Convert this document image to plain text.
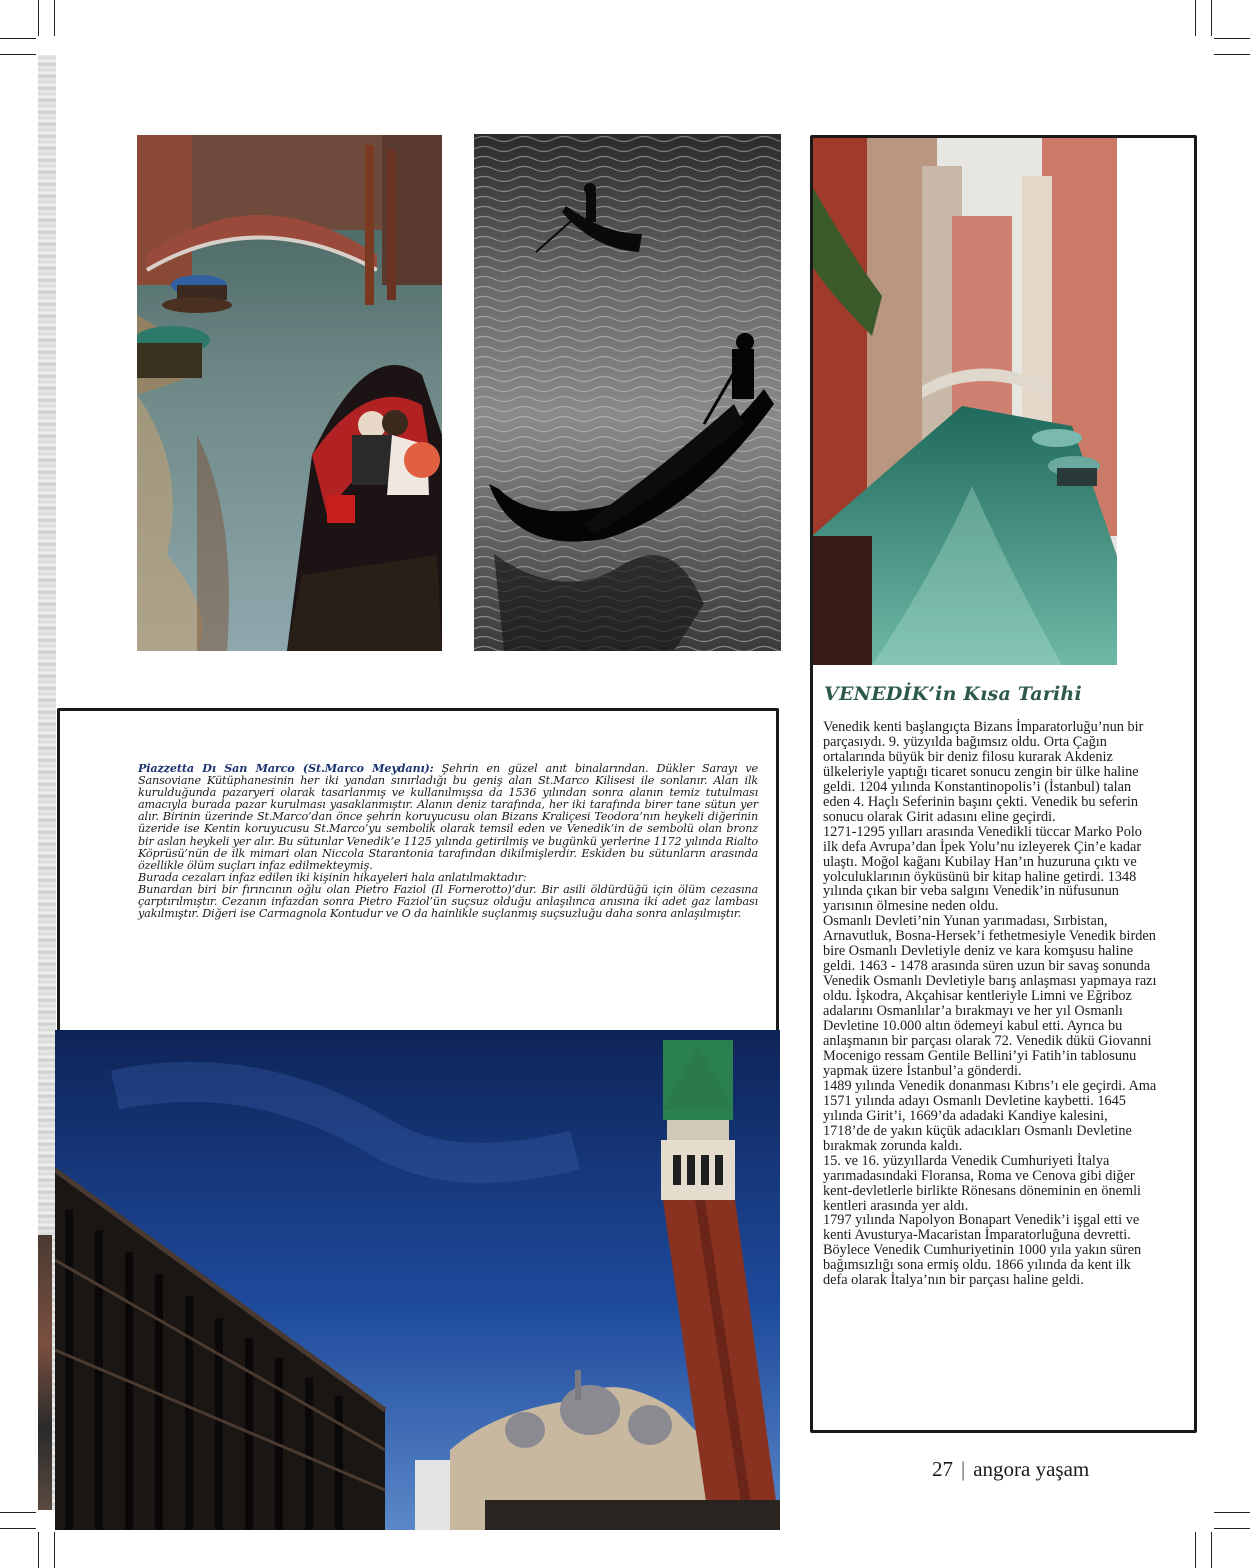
Piazzetta Dı San Marco (St.Marco Meydanı): Şehrin en güzel anıt binalarından. Dükler Sarayı ve Sansoviane Kütüphanesinin her iki yandan sınırladığı bu geniş alan St.Marco Kilisesi ile sonlanır. Alan ilk kurulduğunda pazaryeri olarak tasarlanmış ve kullanılmışsa da 1536 yılından sonra alanın temiz tutulması amacıyla burada pazar kurulması yasaklanmıştır. Alanın deniz tarafında, her iki tarafında birer tane sütun yer alır. Birinin üzerinde St.Marco’dan önce şehrin koruyucusu olan Bizans Kraliçesi Teodora’nın heykeli diğerinin üzeride ise Kentin koruyucusu St.Marco’yu sembolik olarak temsil eden ve Venedik’in de sembolü olan bronz bir aslan heykeli yer alır. Bu sütunlar Venedik’e 1125 yılında getirilmiş ve bugünkü yerlerine 1172 yılında Rialto Köprüsü’nün de ilk mimari olan Niccola Starantonia tarafından dikilmişlerdir. Eskiden bu sütunların arasında özellikle ölüm suçları infaz edilmekteymiş.

Burada cezaları infaz edilen iki kişinin hikayeleri hala anlatılmaktadır:

Bunardan biri bir fırıncının oğlu olan Pietro Faziol (Il Fornerotto)’dur. Bir asili öldürdüğü için ölüm cezasına çarptırılmıştır. Cezanın infazdan sonra Pietro Faziol’ün suçsuz olduğu anlaşılınca anısına iki adet gaz lambası yakılmıştır. Diğeri ise Carmagnola Kontudur ve O da hainlikle suçlanmış suçsuzluğu daha sonra anlaşılmıştır.

VENEDİK’in Kısa Tarihi

Venedik kenti başlangıçta Bizans İmparatorluğu’nun bir parçasıydı. 9. yüzyılda bağımsız oldu. Orta Çağın ortalarında büyük bir deniz filosu kurarak Akdeniz ülkeleriyle yaptığı ticaret sonucu zengin bir ülke haline geldi. 1204 yılında Konstantinopolis’i (İstanbul) talan eden 4. Haçlı Seferinin başını çekti. Venedik bu seferin sonucu olarak Girit adasını eline geçirdi.

1271-1295 yılları arasında Venedikli tüccar Marko Polo ilk defa Avrupa’dan İpek Yolu’nu izleyerek Çin’e kadar ulaştı. Moğol kağanı Kubilay Han’ın huzuruna çıktı ve yolculuklarının öyküsünü bir kitap haline getirdi. 1348 yılında çıkan bir veba salgını Venedik’in nüfusunun yarısının ölmesine neden oldu.

Osmanlı Devleti’nin Yunan yarımadası, Sırbistan, Arnavutluk, Bosna-Hersek’i fethetmesiyle Venedik birden bire Osmanlı Devletiyle deniz ve kara komşusu haline geldi. 1463 - 1478 arasında süren uzun bir savaş sonunda Venedik Osmanlı Devletiyle barış anlaşması yapmaya razı oldu. İşkodra, Akçahisar kentleriyle Limni ve Eğriboz adalarını Osmanlılar’a bırakmayı ve her yıl Osmanlı Devletine 10.000 altın ödemeyi kabul etti. Ayrıca bu anlaşmanın bir parçası olarak 72. Venedik dükü Giovanni Mocenigo ressam Gentile Bellini’yi Fatih’in tablosunu yapmak üzere İstanbul’a gönderdi.

1489 yılında Venedik donanması Kıbrıs’ı ele geçirdi. Ama 1571 yılında adayı Osmanlı Devletine kaybetti. 1645 yılında Girit’i, 1669’da adadaki Kandiye kalesini, 1718’de de yakın küçük adacıkları Osmanlı Devletine bırakmak zorunda kaldı.

15. ve 16. yüzyıllarda Venedik Cumhuriyeti İtalya yarımadasındaki Floransa, Roma ve Cenova gibi diğer kent-devletlerle birlikte Rönesans döneminin en önemli kentleri arasında yer aldı.

1797 yılında Napolyon Bonapart Venedik’i işgal etti ve kenti Avusturya-Macaristan İmparatorluğuna devretti. Böylece Venedik Cumhuriyetinin 1000 yıla yakın süren bağımsızlığı sona ermiş oldu. 1866 yılında da kent ilk defa olarak İtalya’nın bir parçası haline geldi.

27 | angora yaşam
